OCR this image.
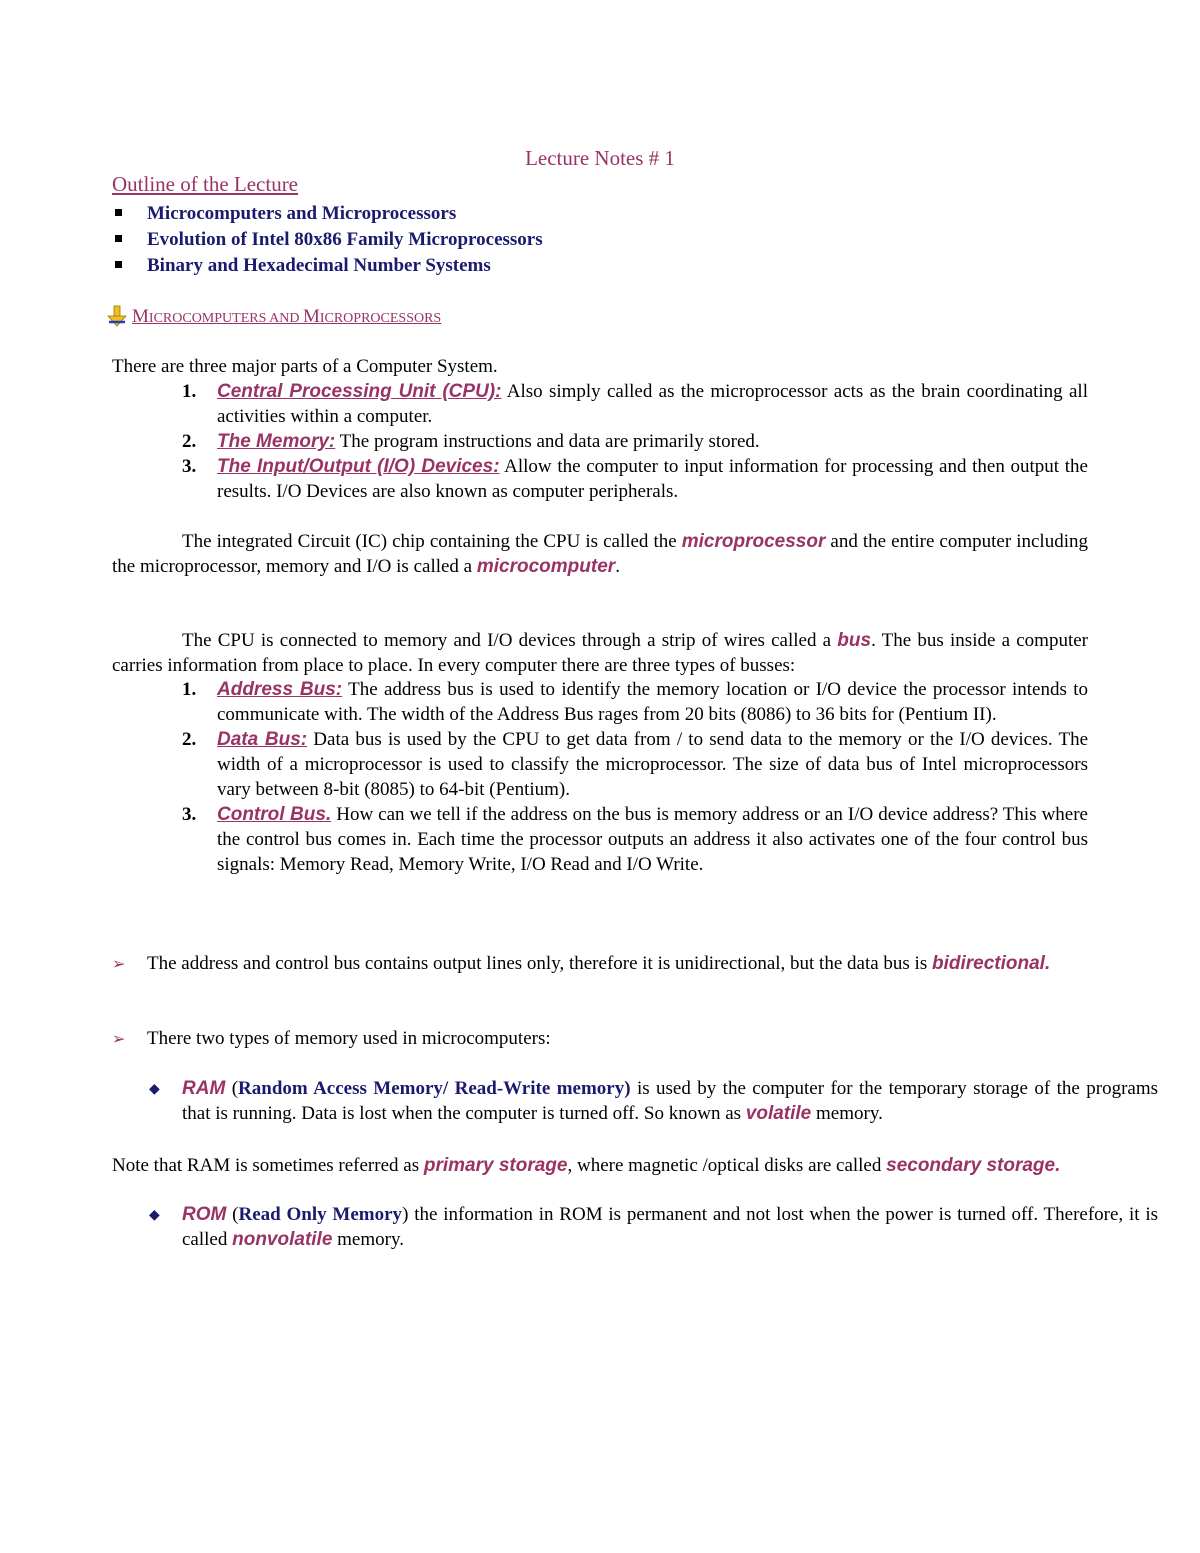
Lecture Notes # 1
Outline of the Lecture
Microcomputers and Microprocessors
Evolution of Intel 80x86 Family Microprocessors
Binary and Hexadecimal Number Systems
MICROCOMPUTERS AND MICROPROCESSORS
There are three major parts of a Computer System.
1. Central Processing Unit (CPU): Also simply called as the microprocessor acts as the brain coordinating all activities within a computer.
2. The Memory: The program instructions and data are primarily stored.
3. The Input/Output (I/O) Devices: Allow the computer to input information for processing and then output the results. I/O Devices are also known as computer peripherals.

The integrated Circuit (IC) chip containing the CPU is called the microprocessor and the entire computer including the microprocessor, memory and I/O is called a microcomputer.

The CPU is connected to memory and I/O devices through a strip of wires called a bus. The bus inside a computer carries information from place to place. In every computer there are three types of busses:

1. Address Bus: The address bus is used to identify the memory location or I/O device the processor intends to communicate with. The width of the Address Bus rages from 20 bits (8086) to 36 bits for (Pentium II).
2. Data Bus: Data bus is used by the CPU to get data from / to send data to the memory or the I/O devices. The width of a microprocessor is used to classify the microprocessor. The size of data bus of Intel microprocessors vary between 8-bit (8085) to 64-bit (Pentium).
3. Control Bus. How can we tell if the address on the bus is memory address or an I/O device address? This where the control bus comes in. Each time the processor outputs an address it also activates one of the four control bus signals: Memory Read, Memory Write, I/O Read and I/O Write.
➢ The address and control bus contains output lines only, therefore it is unidirectional, but the data bus is bidirectional.
➢ There two types of memory used in microcomputers:
◆ RAM (Random Access Memory/ Read-Write memory) is used by the computer for the temporary storage of the programs that is running. Data is lost when the computer is turned off. So known as volatile memory.
◆ ROM (Read Only Memory) the information in ROM is permanent and not lost when the power is turned off. Therefore, it is called nonvolatile memory.

Note that RAM is sometimes referred as primary storage, where magnetic /optical disks are called secondary storage.
